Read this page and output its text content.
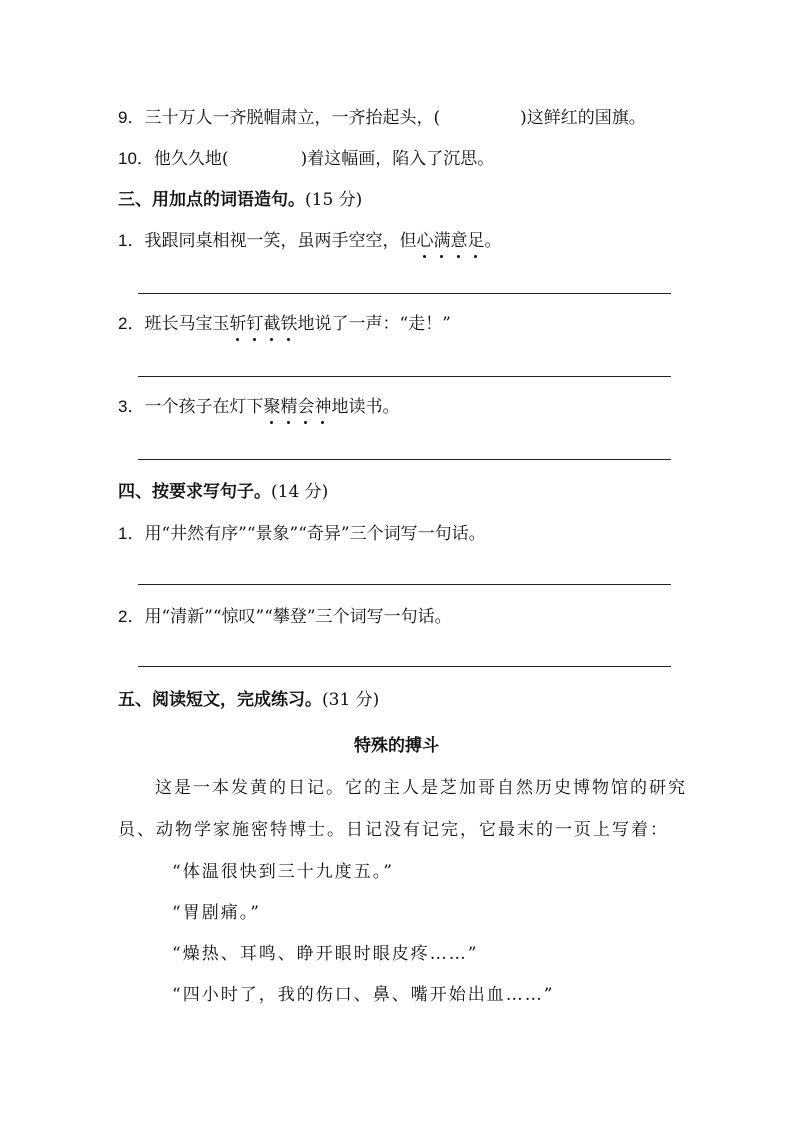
9．三十万人一齐脱帽肃立，一齐抬起头，(	)这鲜红的国旗。
10．他久久地(	)着这幅画，陷入了沉思。
三、用加点的词语造句。(15 分)
1．我跟同桌相视一笑，虽两手空空，但心满意足。
2．班长马宝玉斩钉截铁地说了一声：“走！”
3．一个孩子在灯下聚精会神地读书。
四、按要求写句子。(14 分)
1．用“井然有序”“景象”“奇异”三个词写一句话。
2．用“清新”“惊叹”“攀登”三个词写一句话。
五、阅读短文，完成练习。(31 分)
特殊的搏斗
这是一本发黄的日记。它的主人是芝加哥自然历史博物馆的研究
员、动物学家施密特博士。日记没有记完，它最末的一页上写着：
“体温很快到三十九度五。”
“胃剧痛。”
“燥热、耳鸣、睁开眼时眼皮疼……”
“四小时了，我的伤口、鼻、嘴开始出血……”
